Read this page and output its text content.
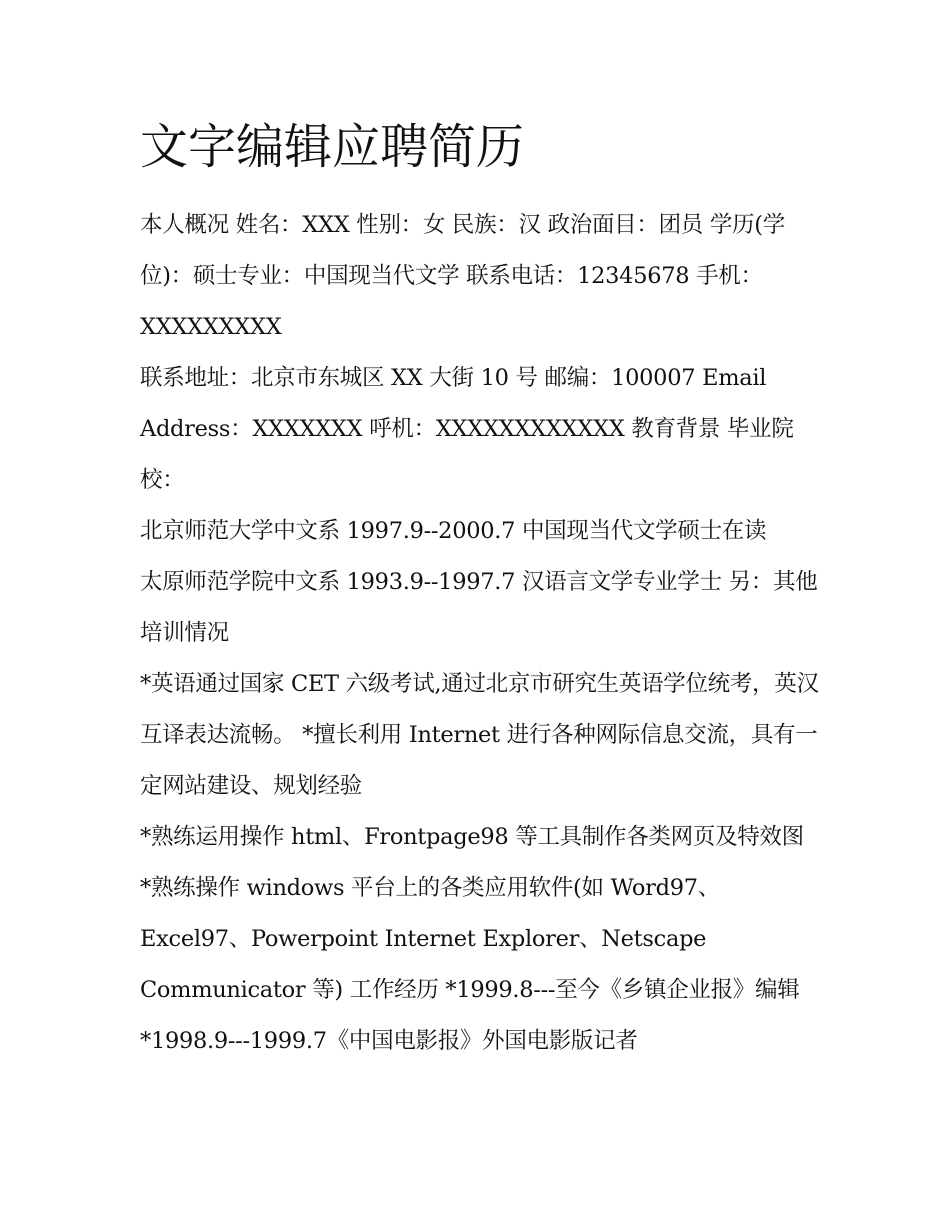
文字编辑应聘简历

本人概况 姓名：XXX 性别：女 民族：汉 政治面目：团员 学历(学位)：硕士专业：中国现当代文学 联系电话：12345678 手机：XXXXXXXXX

联系地址：北京市东城区 XX 大街 10 号 邮编：100007 Email Address：XXXXXXX 呼机：XXXXXXXXXXXX 教育背景 毕业院校：

北京师范大学中文系 1997.9--2000.7 中国现当代文学硕士在读

太原师范学院中文系 1993.9--1997.7 汉语言文学专业学士 另：其他培训情况

*英语通过国家 CET 六级考试,通过北京市研究生英语学位统考，英汉互译表达流畅。 *擅长利用 Internet 进行各种网际信息交流，具有一定网站建设、规划经验

*熟练运用操作 html、Frontpage98 等工具制作各类网页及特效图

*熟练操作 windows 平台上的各类应用软件(如 Word97、Excel97、Powerpoint Internet Explorer、Netscape Communicator 等) 工作经历 *1999.8---至今《乡镇企业报》编辑 *1998.9---1999.7《中国电影报》外国电影版记者
